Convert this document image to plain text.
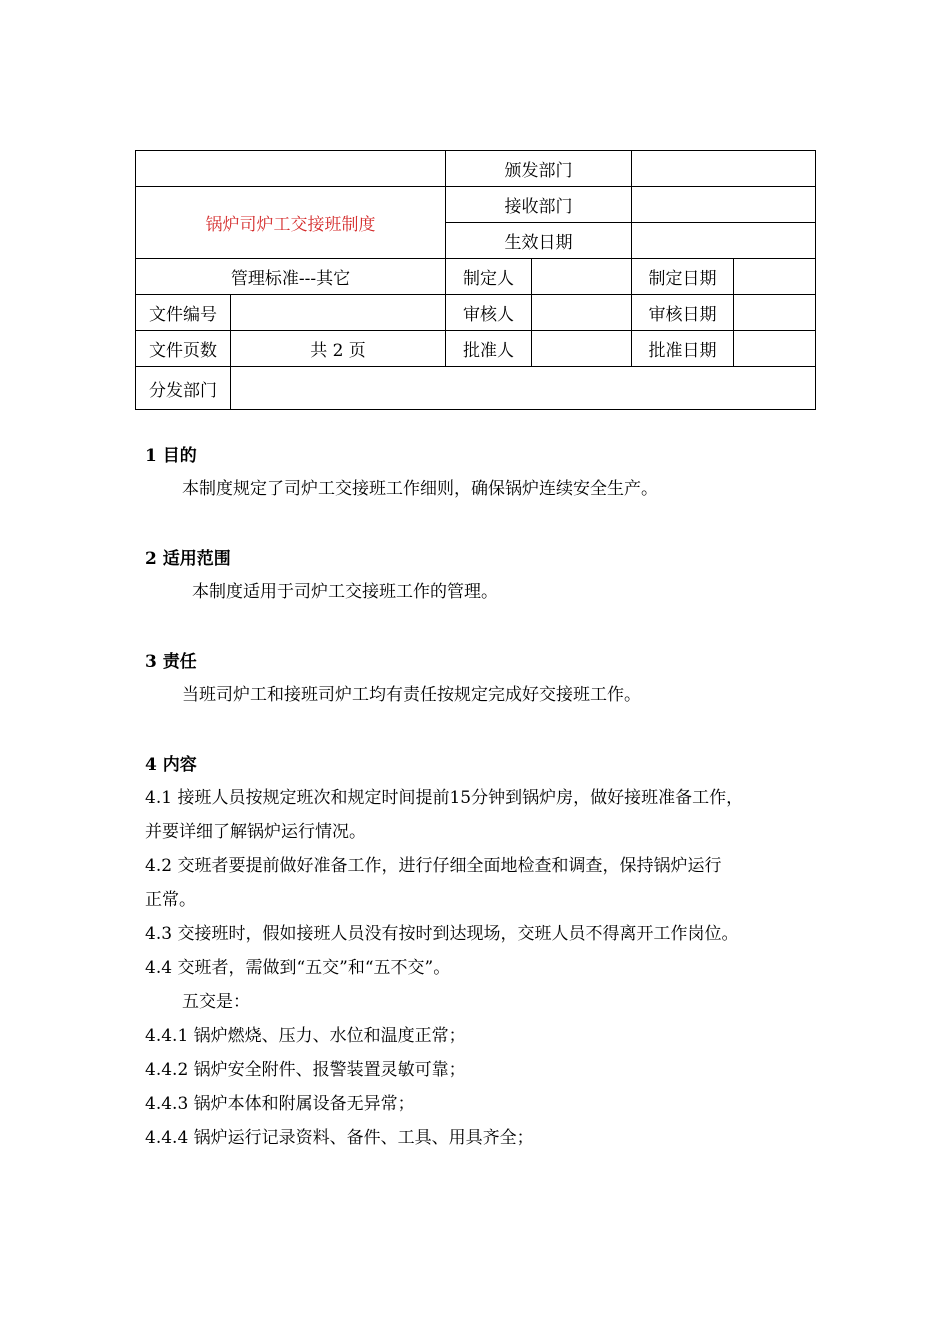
		颁发部门			
锅炉司炉工交接班制度		接收部门			
		生效日期			
管理标准---其它		制定人		制定日期	
文件编号		审核人		审核日期	
文件页数	共 2 页	批准人		批准日期	
分发部门					

1 目的

本制度规定了司炉工交接班工作细则，确保锅炉连续安全生产。

2 适用范围

本制度适用于司炉工交接班工作的管理。

3 责任

当班司炉工和接班司炉工均有责任按规定完成好交接班工作。

4 内容

4.1 接班人员按规定班次和规定时间提前15分钟到锅炉房，做好接班准备工作，

并要详细了解锅炉运行情况。

4.2 交班者要提前做好准备工作，进行仔细全面地检查和调查，保持锅炉运行

正常。

4.3 交接班时，假如接班人员没有按时到达现场，交班人员不得离开工作岗位。

4.4 交班者，需做到“五交”和“五不交”。

五交是：

4.4.1 锅炉燃烧、压力、水位和温度正常；

4.4.2 锅炉安全附件、报警装置灵敏可靠；

4.4.3 锅炉本体和附属设备无异常；

4.4.4 锅炉运行记录资料、备件、工具、用具齐全；
